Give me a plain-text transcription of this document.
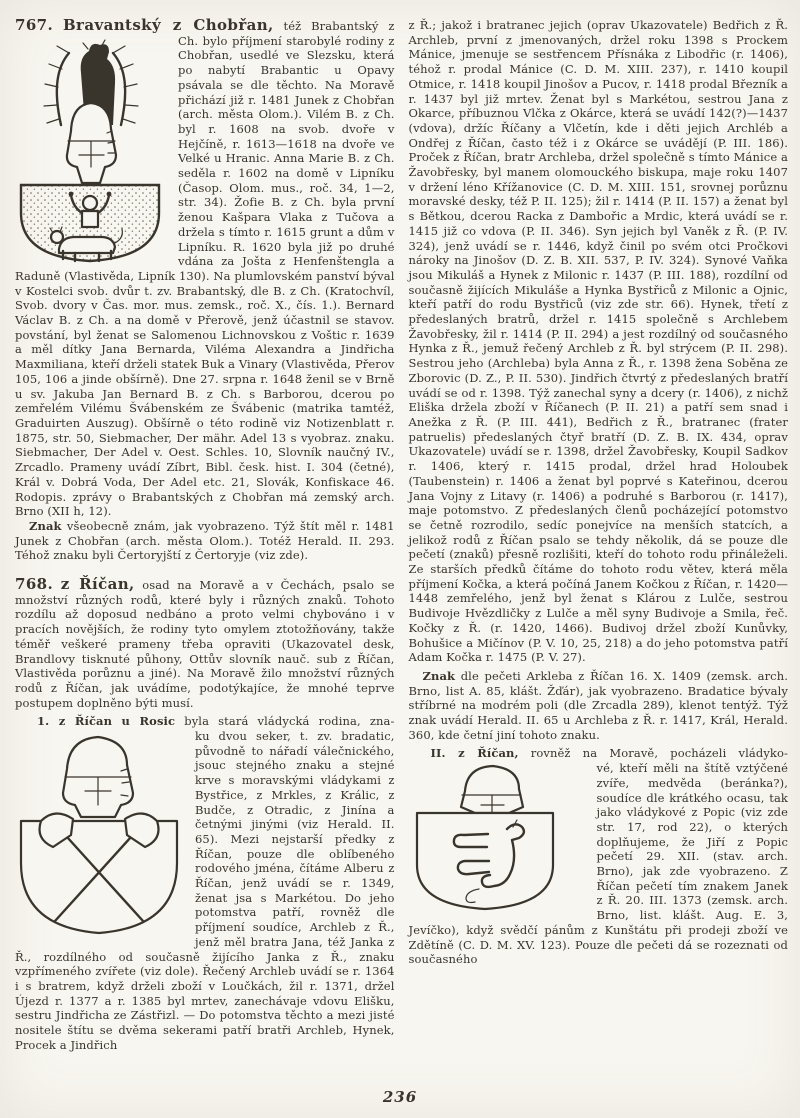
767. Bravantský z Chobřan, též Brabantský z

Ch. bylo příjmení starobylé rodiny z Chobřan, usedlé ve Slezsku, která po nabytí Brabantic u Opavy psávala se dle těchto. Na Moravě přichází již r. 1481 Junek z Chobřan (arch. města Olom.). Vilém B. z Ch. byl r. 1608 na svob. dvoře v Hejčíně, r. 1613—1618 na dvoře ve Velké u Hranic. Anna Marie B. z Ch. seděla r. 1602 na domě v Lipníku (Časop. Olom. mus., roč. 34, 1—2, str. 34). Žofie B. z Ch. byla první ženou Kašpara Vlaka z Tučova a držela s tímto r. 1615 grunt a dům v Lipníku. R. 1620 byla již po druhé vdána za Jošta z Henfenštengla a Raduně (Vlastivěda, Lipník 130). Na plumlovském panství býval v Kostelci svob. dvůr t. zv. Brabantský, dle B. z Ch. (Kratochvíl, Svob. dvory v Čas. mor. mus. zemsk., roč. X., čís. 1.). Bernard Václav B. z Ch. a na domě v Přerově, jenž účastnil se stavov. povstání, byl ženat se Salomenou Lichnovskou z Voštic r. 1639 a měl dítky Jana Bernarda, Viléma Alexandra a Jindřicha Maxmiliana, kteří drželi statek Buk a Vinary (Vlastivěda, Přerov 105, 106 a jinde obšírně). Dne 27. srpna r. 1648 ženil se v Brně u sv. Jakuba Jan Bernard B. z Ch. s Barborou, dcerou po zemřelém Vilému Švábenském ze Švábenic (matrika tamtéž, Graduirten Auszug). Obšírně o této rodině viz Notizenblatt r. 1875, str. 50, Siebmacher, Der mähr. Adel 13 s vyobraz. znaku. Siebmacher, Der Adel v. Oest. Schles. 10, Slovník naučný IV., Zrcadlo. Prameny uvádí Zíbrt, Bibl. česk. hist. I. 304 (četné), Král v. Dobrá Voda, Der Adel etc. 21, Slovák, Konfiskace 46. Rodopis. zprávy o Brabantských z Chobřan má zemský arch. Brno (XII h, 12).

Znak všeobecně znám, jak vyobrazeno. Týž štít měl r. 1481 Junek z Chobřan (arch. města Olom.). Totéž Herald. II. 293. Téhož znaku byli Čertoryjští z Čertoryje (viz zde).

768. z Říčan, osad na Moravě a v Čechách, psalo se množství různých rodů, které byly i různých znaků. Tohoto rozdílu až doposud nedbáno a proto velmi chybováno i v pracích novějších, že rodiny tyto omylem ztotožňovány, takže téměř veškeré prameny třeba opraviti (Ukazovatel desk, Brandlovy tisknuté půhony, Ottův slovník nauč. sub z Říčan, Vlastivěda porůznu a jiné). Na Moravě žilo množství různých rodů z Říčan, jak uvádíme, podotýkajíce, že mnohé teprve postupem doplněno býti musí.

1. z Říčan u Rosic byla stará vládycká rodina, zna-

ku dvou seker, t. zv. bradatic, původně to nářadí válečnického, jsouc stejného znaku a stejné krve s moravskými vládykami z Bystřice, z Mrkles, z Králic, z Budče, z Otradic, z Jinína a četnými jinými (viz Herald. II. 65). Mezi nejstarší předky z Říčan, pouze dle oblíbeného rodového jména, čítáme Alberu z Říčan, jenž uvádí se r. 1349, ženat jsa s Markétou. Do jeho potomstva patří, rovněž dle příjmení soudíce, Archleb z Ř., jenž měl bratra Jana, též Janka z Ř., rozdílného od současně žijícího Janka z Ř., znaku vzpřímeného zvířete (viz dole). Řečený Archleb uvádí se r. 1364 i s bratrem, když drželi zboží v Loučkách, žil r. 1371, držel Újezd r. 1377 a r. 1385 byl mrtev, zanechávaje vdovu Elišku, sestru Jindřicha ze Zástřizl. — Do potomstva těchto a mezi jisté nositele štítu se dvěma sekerami patří bratři Archleb, Hynek, Procek a Jindřich

z Ř.; jakož i bratranec jejich (oprav Ukazovatele) Bedřich z Ř. Archleb, první z jmenovaných, držel roku 1398 s Prockem Mánice, jmenuje se sestřencem Přísnáka z Libodřic (r. 1406), téhož r. prodal Mánice (C. D. M. XIII. 237), r. 1410 koupil Otmice, r. 1418 koupil Jinošov a Pucov, r. 1418 prodal Březník a r. 1437 byl již mrtev. Ženat byl s Markétou, sestrou Jana z Okarce, příbuznou Vlčka z Okárce, která se uvádí 142(?)—1437 (vdova), držíc Říčany a Vlčetín, kde i děti jejich Archléb a Ondřej z Říčan, často též i z Okárce se uvádějí (P. III. 186). Proček z Říčan, bratr Archleba, držel společně s tímto Mánice a Žavobřesky, byl manem olomouckého biskupa, maje roku 1407 v držení léno Křížanovice (C. D. M. XIII. 151, srovnej porůznu moravské desky, též P. II. 125); žil r. 1414 (P. II. 157) a ženat byl s Bětkou, dcerou Racka z Dambořic a Mrdic, která uvádí se r. 1415 již co vdova (P. II. 346). Syn jejich byl Vaněk z Ř. (P. IV. 324), jenž uvádí se r. 1446, když činil po svém otci Pročkovi nároky na Jinošov (D. Z. B. XII. 537, P. IV. 324). Synové Vaňka jsou Mikuláš a Hynek z Milonic r. 1437 (P. III. 188), rozdílní od současně žijících Mikuláše a Hynka Bystřiců z Milonic a Ojnic, kteří patří do rodu Bystřiců (viz zde str. 66). Hynek, třetí z předeslaných bratrů, držel r. 1415 společně s Archlebem Žavobřesky, žil r. 1414 (P. II. 294) a jest rozdílný od současného Hynka z Ř., jemuž řečený Archleb z Ř. byl strýcem (P. II. 298). Sestrou jeho (Archleba) byla Anna z Ř., r. 1398 žena Soběna ze Zborovic (D. Z., P. II. 530). Jindřich čtvrtý z předeslaných bratří uvádí se od r. 1398. Týž zanechal syny a dcery (r. 1406), z nichž Eliška držela zboží v Říčanech (P. II. 21) a patří sem snad i Anežka z Ř. (P. III. 441), Bedřich z Ř., bratranec (frater patruelis) předeslaných čtyř bratří (D. Z. B. IX. 434, oprav Ukazovatele) uvádí se r. 1398, držel Žavobřesky, Koupil Sadkov r. 1406, který r. 1415 prodal, držel hrad Holoubek (Taubenstein) r. 1406 a ženat byl poprvé s Kateřinou, dcerou Jana Vojny z Litavy (r. 1406) a podruhé s Barborou (r. 1417), maje potomstvo. Z předeslaných členů pocházející potomstvo se četně rozrodilo, sedíc ponejvíce na menších statcích, a jelikož rodů z Říčan psalo se tehdy několik, dá se pouze dle pečetí (znaků) přesně rozlišiti, kteří do tohoto rodu přináleželi. Ze starších předků čítáme do tohoto rodu větev, která měla příjmení Kočka, a která počíná Janem Kočkou z Říčan, r. 1420—1448 zemřelého, jenž byl ženat s Klárou z Lulče, sestrou Budivoje Hvězdličky z Lulče a měl syny Budivoje a Smila, řeč. Kočky z Ř. (r. 1420, 1466). Budivoj držel zboží Kunůvky, Bohušice a Mičínov (P. V. 10, 25, 218) a do jeho potomstva patří Adam Kočka r. 1475 (P. V. 27).

Znak dle pečeti Arkleba z Říčan 16. X. 1409 (zemsk. arch. Brno, list A. 85, klášt. Žďár), jak vyobrazeno. Bradatice bývaly stříbrné na modrém poli (dle Zrcadla 289), klenot tentýž. Týž znak uvádí Herald. II. 65 u Archleba z Ř. r. 1417, Král, Herald. 360, kde četní jiní tohoto znaku.

II. z Říčan, rovněž na Moravě, pocházeli vládyko-

vé, kteří měli na štítě vztýčené zvíře, medvěda (beránka?), soudíce dle krátkého ocasu, tak jako vládykové z Popic (viz zde str. 17, rod 22), o kterých doplňujeme, že Jiří z Popic pečetí 29. XII. (stav. arch. Brno), jak zde vyobrazeno. Z Říčan pečetí tím znakem Janek z Ř. 20. III. 1373 (zemsk. arch. Brno, list. klášt. Aug. E. 3, Jevíčko), když svědčí pánům z Kunštátu při prodeji zboží ve Zdětíně (C. D. M. XV. 123). Pouze dle pečeti dá se rozeznati od současného

236
